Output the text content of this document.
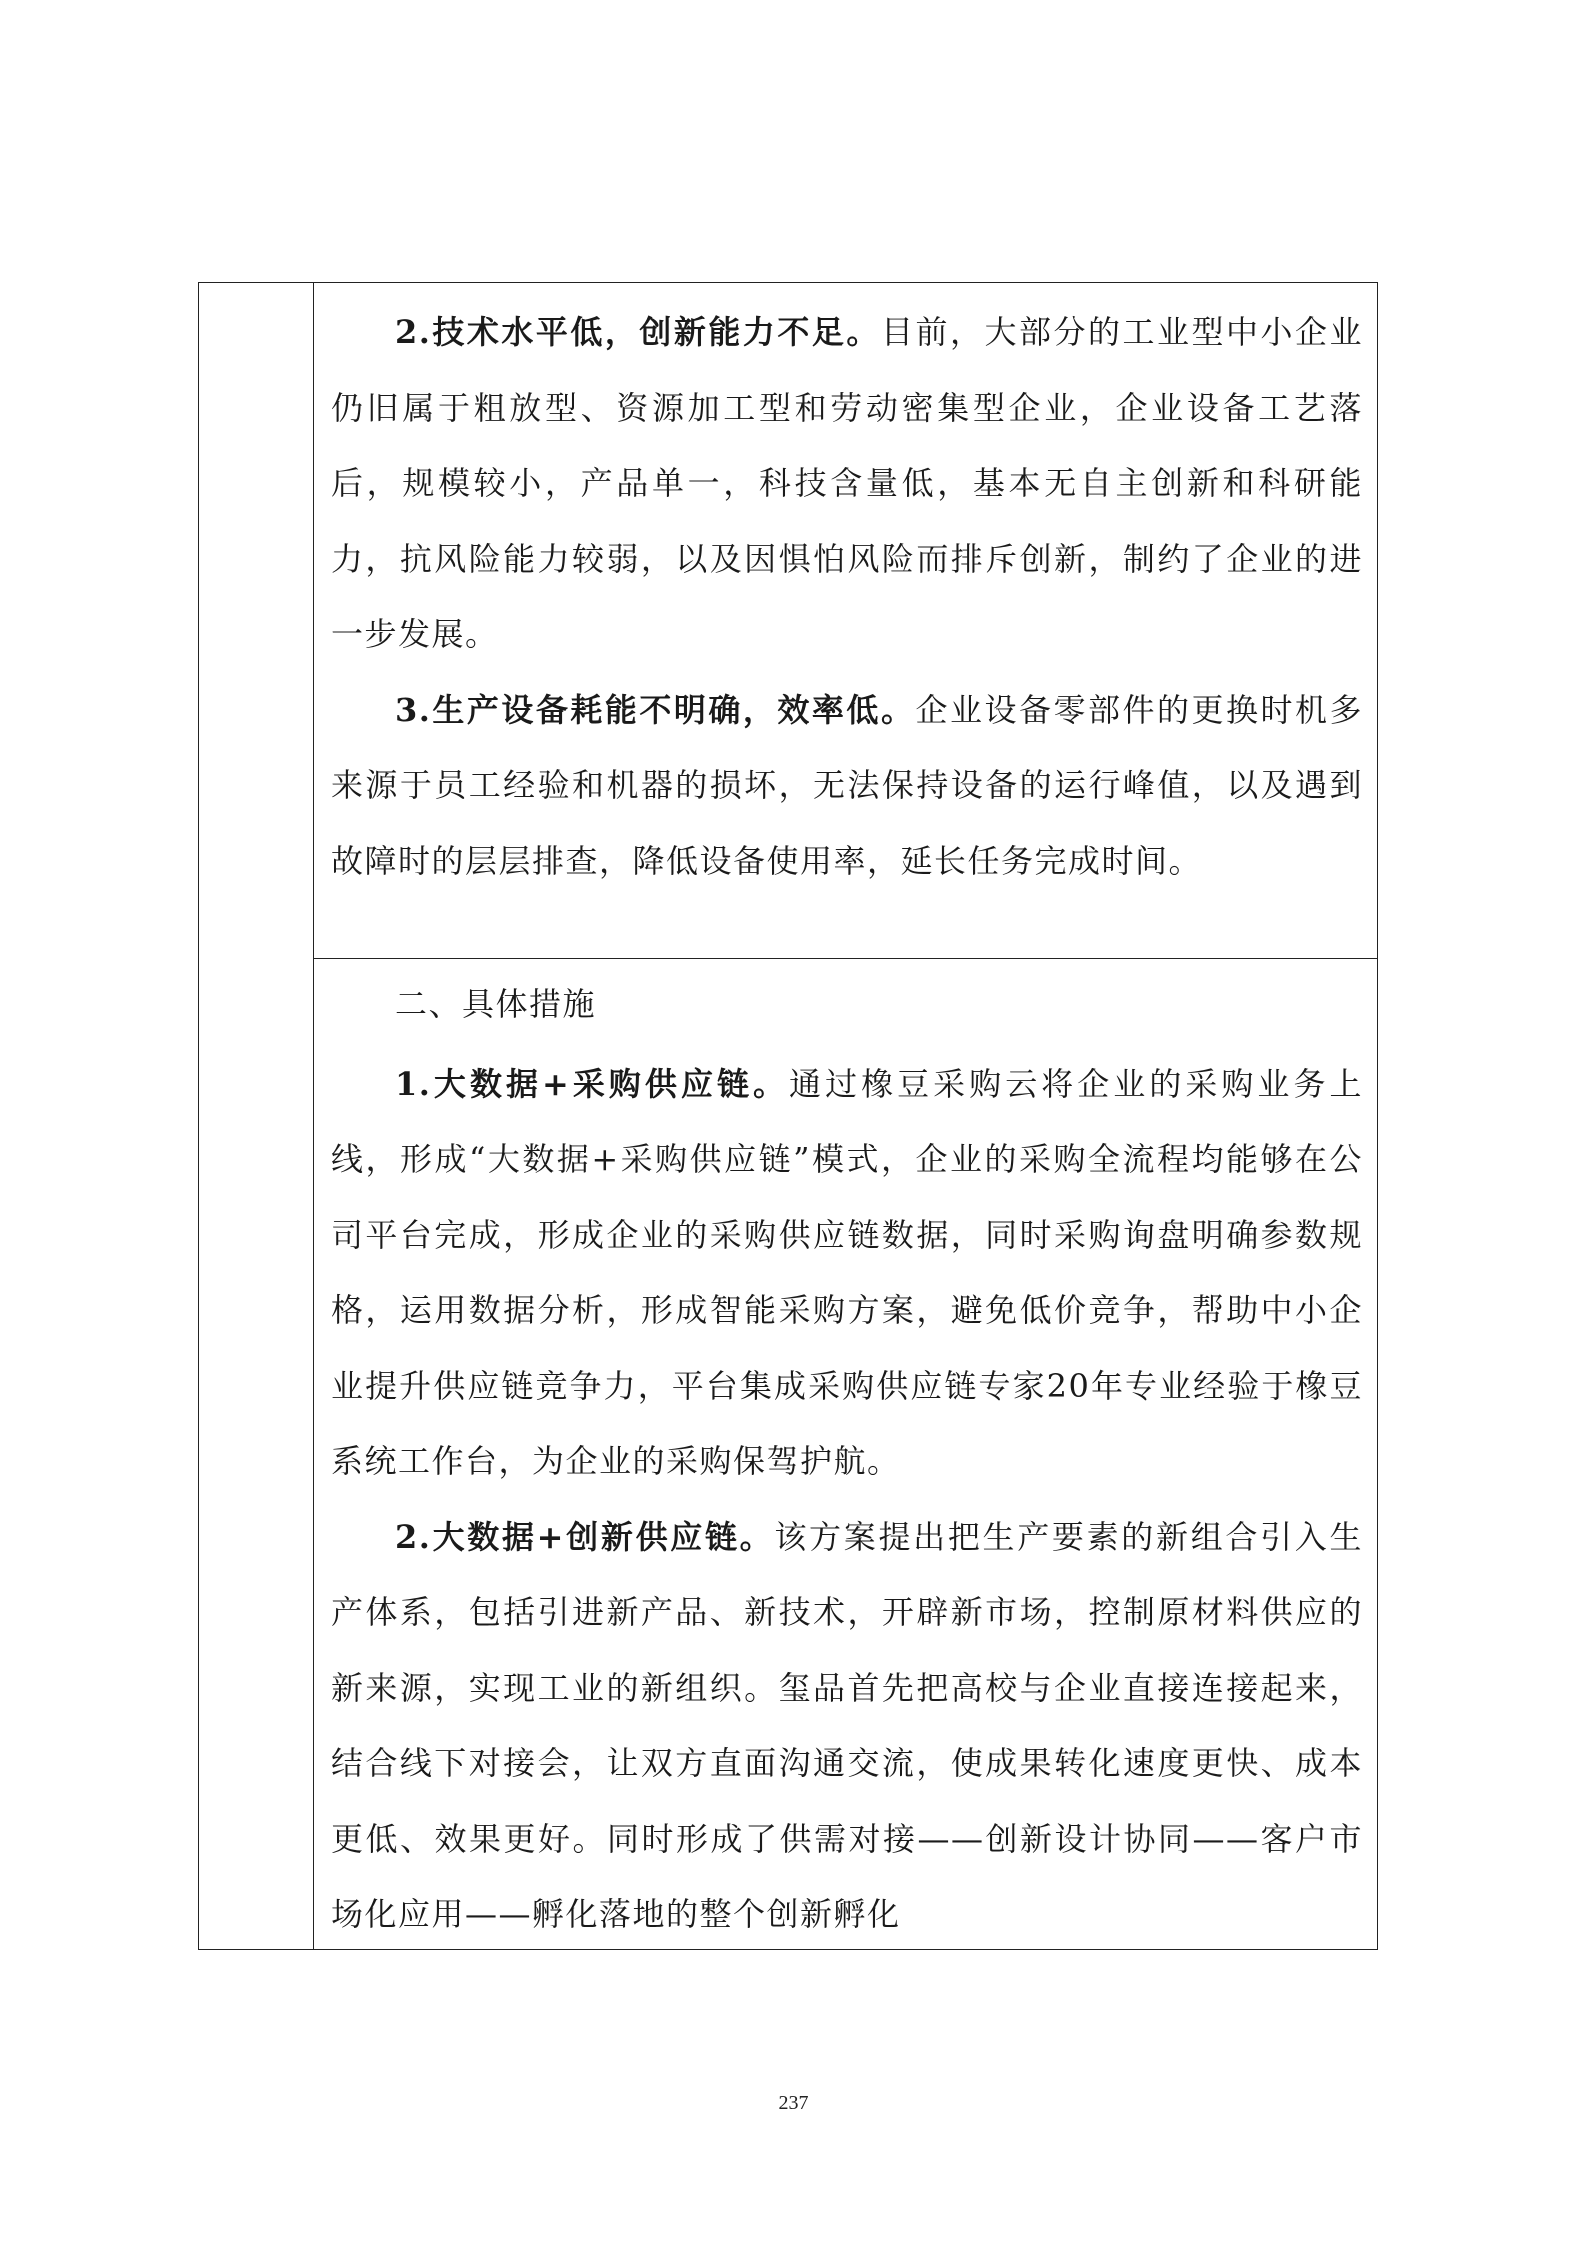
2.技术水平低，创新能力不足。目前，大部分的工业型中小企业仍旧属于粗放型、资源加工型和劳动密集型企业，企业设备工艺落后，规模较小，产品单一，科技含量低，基本无自主创新和科研能力，抗风险能力较弱，以及因惧怕风险而排斥创新，制约了企业的进一步发展。

3.生产设备耗能不明确，效率低。企业设备零部件的更换时机多来源于员工经验和机器的损坏，无法保持设备的运行峰值，以及遇到故障时的层层排查，降低设备使用率，延长任务完成时间。

二、具体措施

1.大数据+采购供应链。通过橡豆采购云将企业的采购业务上线，形成“大数据+采购供应链”模式，企业的采购全流程均能够在公司平台完成，形成企业的采购供应链数据，同时采购询盘明确参数规格，运用数据分析，形成智能采购方案，避免低价竞争，帮助中小企业提升供应链竞争力，平台集成采购供应链专家20年专业经验于橡豆系统工作台，为企业的采购保驾护航。

2.大数据+创新供应链。该方案提出把生产要素的新组合引入生产体系，包括引进新产品、新技术，开辟新市场，控制原材料供应的新来源，实现工业的新组织。玺品首先把高校与企业直接连接起来，结合线下对接会，让双方直面沟通交流，使成果转化速度更快、成本更低、效果更好。同时形成了供需对接——创新设计协同——客户市场化应用——孵化落地的整个创新孵化

237
